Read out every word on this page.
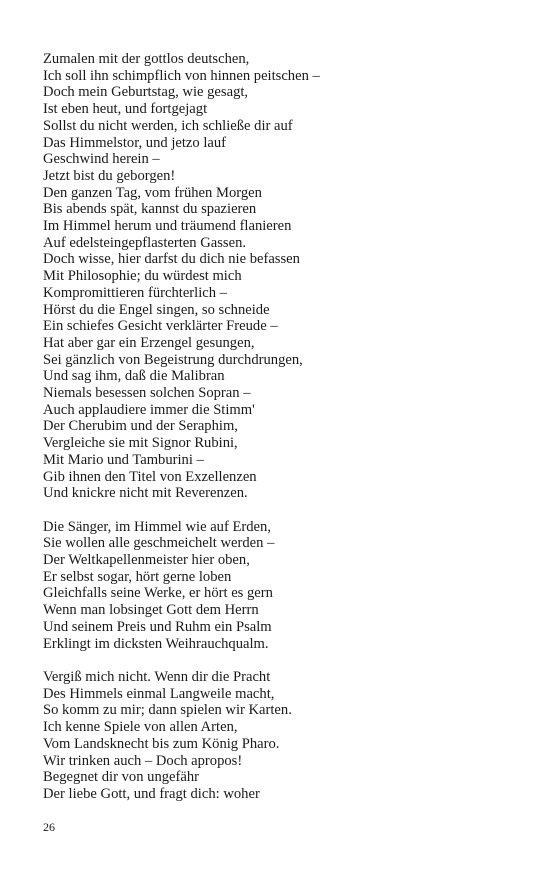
Zumalen mit der gottlos deutschen,
Ich soll ihn schimpflich von hinnen peitschen –
Doch mein Geburtstag, wie gesagt,
Ist eben heut, und fortgejagt
Sollst du nicht werden, ich schließe dir auf
Das Himmelstor, und jetzo lauf
Geschwind herein –
Jetzt bist du geborgen!
Den ganzen Tag, vom frühen Morgen
Bis abends spät, kannst du spazieren
Im Himmel herum und träumend flanieren
Auf edelsteingepflasterten Gassen.
Doch wisse, hier darfst du dich nie befassen
Mit Philosophie; du würdest mich
Kompromittieren fürchterlich –
Hörst du die Engel singen, so schneide
Ein schiefes Gesicht verklärter Freude –
Hat aber gar ein Erzengel gesungen,
Sei gänzlich von Begeistrung durchdrungen,
Und sag ihm, daß die Malibran
Niemals besessen solchen Sopran –
Auch applaudiere immer die Stimm'
Der Cherubim und der Seraphim,
Vergleiche sie mit Signor Rubini,
Mit Mario und Tamburini –
Gib ihnen den Titel von Exzellenzen
Und knickre nicht mit Reverenzen.
Die Sänger, im Himmel wie auf Erden,
Sie wollen alle geschmeichelt werden –
Der Weltkapellenmeister hier oben,
Er selbst sogar, hört gerne loben
Gleichfalls seine Werke, er hört es gern
Wenn man lobsinget Gott dem Herrn
Und seinem Preis und Ruhm ein Psalm
Erklingt im dicksten Weihrauchqualm.
Vergiß mich nicht. Wenn dir die Pracht
Des Himmels einmal Langweile macht,
So komm zu mir; dann spielen wir Karten.
Ich kenne Spiele von allen Arten,
Vom Landsknecht bis zum König Pharo.
Wir trinken auch – Doch apropos!
Begegnet dir von ungefähr
Der liebe Gott, und fragt dich: woher
26
